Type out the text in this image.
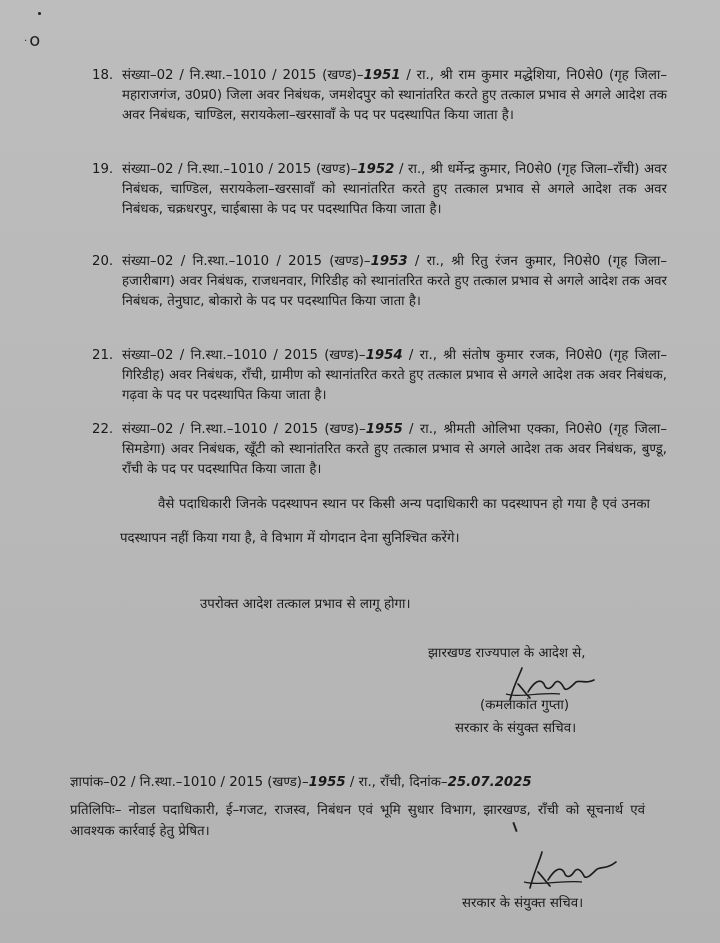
· ο
18. संख्या–02 / नि.स्था.–1010 / 2015 (खण्ड)–1951 / रा., श्री राम कुमार मद्धेशिया, नि0से0 (गृह जिला–महाराजगंज, उ0प्र0) जिला अवर निबंधक, जमशेदपुर को स्थानांतरित करते हुए तत्काल प्रभाव से अगले आदेश तक अवर निबंधक, चाण्डिल, सरायकेला–खरसावाँ के पद पर पदस्थापित किया जाता है।
19. संख्या–02 / नि.स्था.–1010 / 2015 (खण्ड)–1952 / रा., श्री धर्मेन्द्र कुमार, नि0से0 (गृह जिला–राँची) अवर निबंधक, चाण्डिल, सरायकेला–खरसावाँ को स्थानांतरित करते हुए तत्काल प्रभाव से अगले आदेश तक अवर निबंधक, चक्रधरपुर, चाईबासा के पद पर पदस्थापित किया जाता है।
20. संख्या–02 / नि.स्था.–1010 / 2015 (खण्ड)–1953 / रा., श्री रितु रंजन कुमार, नि0से0 (गृह जिला–हजारीबाग) अवर निबंधक, राजधनवार, गिरिडीह को स्थानांतरित करते हुए तत्काल प्रभाव से अगले आदेश तक अवर निबंधक, तेनुघाट, बोकारो के पद पर पदस्थापित किया जाता है।
21. संख्या–02 / नि.स्था.–1010 / 2015 (खण्ड)–1954 / रा., श्री संतोष कुमार रजक, नि0से0 (गृह जिला–गिरिडीह) अवर निबंधक, राँची, ग्रामीण को स्थानांतरित करते हुए तत्काल प्रभाव से अगले आदेश तक अवर निबंधक, गढ़वा के पद पर पदस्थापित किया जाता है।
22. संख्या–02 / नि.स्था.–1010 / 2015 (खण्ड)–1955 / रा., श्रीमती ओलिभा एक्का, नि0से0 (गृह जिला–सिमडेगा) अवर निबंधक, खूँटी को स्थानांतरित करते हुए तत्काल प्रभाव से अगले आदेश तक अवर निबंधक, बुण्डू, राँची के पद पर पदस्थापित किया जाता है।
वैसे पदाधिकारी जिनके पदस्थापन स्थान पर किसी अन्य पदाधिकारी का पदस्थापन हो गया है एवं उनका पदस्थापन नहीं किया गया है, वे विभाग में योगदान देना सुनिश्चित करेंगे।
उपरोक्त आदेश तत्काल प्रभाव से लागू होगा।
झारखण्ड राज्यपाल के आदेश से,
(कमलाकांत गुप्ता)
सरकार के संयुक्त सचिव।
ज्ञापांक–02 / नि.स्था.–1010 / 2015 (खण्ड)–1955 / रा., राँची, दिनांक–25.07.2025
प्रतिलिपिः– नोडल पदाधिकारी, ई–गजट, राजस्व, निबंधन एवं भूमि सुधार विभाग, झारखण्ड, राँची को सूचनार्थ एवं आवश्यक कार्रवाई हेतु प्रेषित।
सरकार के संयुक्त सचिव।
